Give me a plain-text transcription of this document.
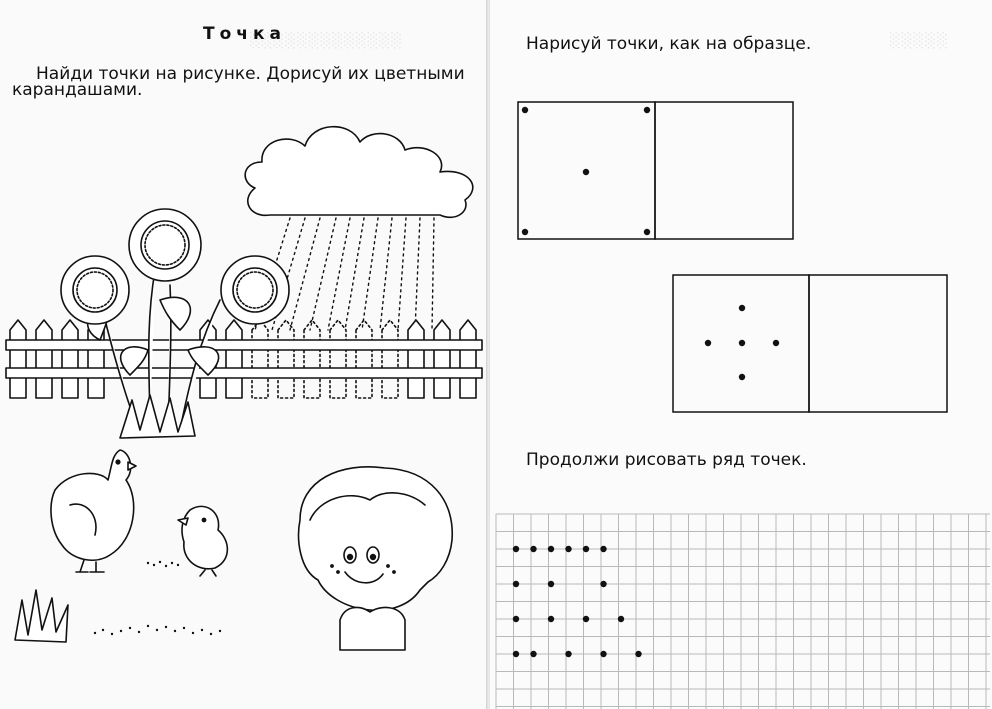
░░░░░░░░░░░░░
Точка
Найди точки на рисунке. Дорисуй их цветными
карандашами.
░░░░░
Нарисуй точки, как на образце.
Продолжи рисовать ряд точек.
